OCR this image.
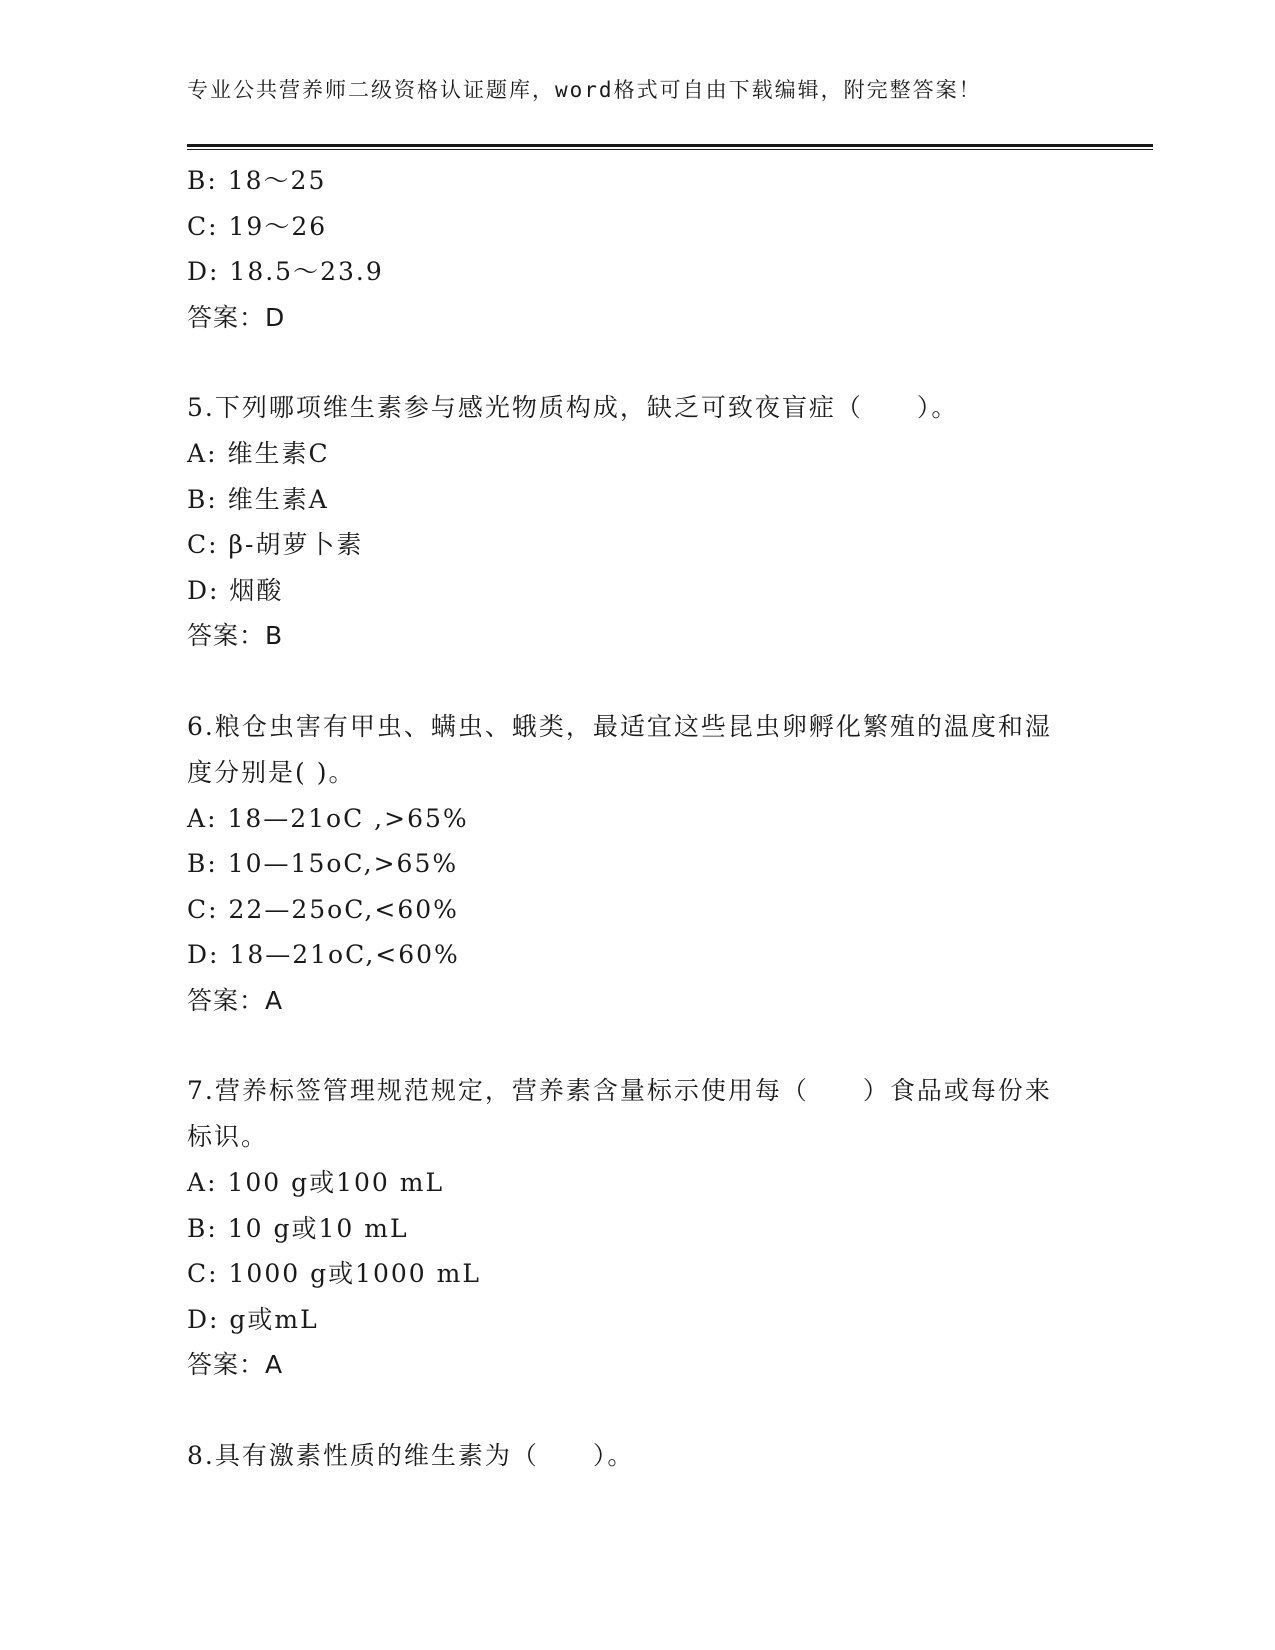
专业公共营养师二级资格认证题库，word格式可自由下载编辑，附完整答案！

B: 18～25

C: 19～26

D: 18.5～23.9

答案：D

5.下列哪项维生素参与感光物质构成，缺乏可致夜盲症（　　）。

A: 维生素C

B: 维生素A

C: β-胡萝卜素

D: 烟酸

答案：B

6.粮仓虫害有甲虫、螨虫、蛾类，最适宜这些昆虫卵孵化繁殖的温度和湿度分别是( )。

A: 18—21oC ,>65%

B: 10—15oC,>65%

C: 22—25oC,<60%

D: 18—21oC,<60%

答案：A

7.营养标签管理规范规定，营养素含量标示使用每（　　）食品或每份来标识。

A: 100 g或100 mL

B: 10 g或10 mL

C: 1000 g或1000 mL

D: g或mL

答案：A

8.具有激素性质的维生素为（　　）。
